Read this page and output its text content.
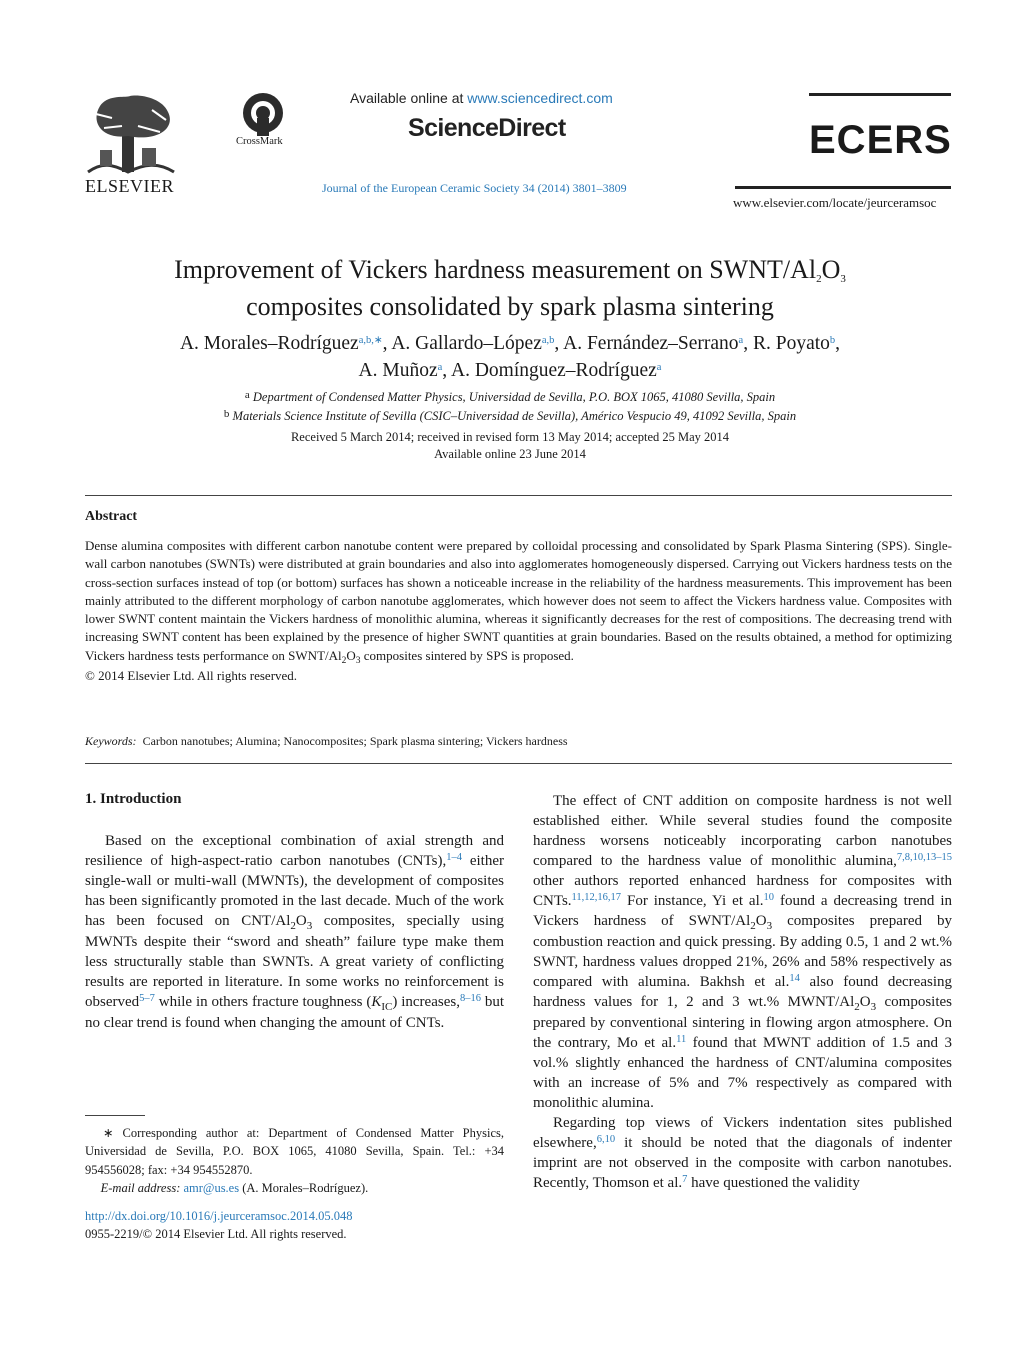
ELSEVIER
CrossMark
Available online at www.sciencedirect.com
ScienceDirect
Journal of the European Ceramic Society 34 (2014) 3801–3809
ECERS
www.elsevier.com/locate/jeurceramsoc
Improvement of Vickers hardness measurement on SWNT/Al2O3
composites consolidated by spark plasma sintering
A. Morales–Rodríguez$^{a,b,∗}$, A. Gallardo–López$^{a,b}$, A. Fernández–Serrano$^a$, R. Poyato$^b$,
A. Muñoz$^a$, A. Domínguez–Rodríguez$^a$
a Department of Condensed Matter Physics, Universidad de Sevilla, P.O. BOX 1065, 41080 Sevilla, Spain
b Materials Science Institute of Sevilla (CSIC–Universidad de Sevilla), Américo Vespucio 49, 41092 Sevilla, Spain
Received 5 March 2014; received in revised form 13 May 2014; accepted 25 May 2014
Available online 23 June 2014
Abstract
Dense alumina composites with different carbon nanotube content were prepared by colloidal processing and consolidated by Spark Plasma Sintering (SPS). Single-wall carbon nanotubes (SWNTs) were distributed at grain boundaries and also into agglomerates homogeneously dispersed. Carrying out Vickers hardness tests on the cross-section surfaces instead of top (or bottom) surfaces has shown a noticeable increase in the reliability of the hardness measurements. This improvement has been mainly attributed to the different morphology of carbon nanotube agglomerates, which however does not seem to affect the Vickers hardness value. Composites with lower SWNT content maintain the Vickers hardness of monolithic alumina, whereas it significantly decreases for the rest of compositions. The decreasing trend with increasing SWNT content has been explained by the presence of higher SWNT quantities at grain boundaries. Based on the results obtained, a method for optimizing Vickers hardness tests performance on SWNT/$Al_2O_3$ composites sintered by SPS is proposed.
© 2014 Elsevier Ltd. All rights reserved.
Keywords: Carbon nanotubes; Alumina; Nanocomposites; Spark plasma sintering; Vickers hardness
1. Introduction

Based on the exceptional combination of axial strength and resilience of high-aspect-ratio carbon nanotubes (CNTs),$^{1-4}$ either single-wall or multi-wall (MWNTs), the development of composites has been significantly promoted in the last decade. Much of the work has been focused on CNT/$Al_2O_3$ composites, specially using MWNTs despite their “sword and sheath” failure type make them less structurally stable than SWNTs. A great variety of conflicting results are reported in literature. In some works no reinforcement is observed$^{5-7}$ while in others fracture toughness $(K_{IC})$ increases,$^{8-16}$ but no clear trend is found when changing the amount of CNTs.

The effect of CNT addition on composite hardness is not well established either. While several studies found the composite hardness worsens noticeably incorporating carbon nanotubes compared to the hardness value of monolithic alumina,$^{7,8,10,13-15}$ other authors reported enhanced hardness for composites with CNTs.$^{11,12,16,17}$ For instance, Yi et al.$^{10}$ found a decreasing trend in Vickers hardness of SWNT/$Al_2O_3$ composites prepared by combustion reaction and quick pressing. By adding 0.5, 1 and 2 wt.% SWNT, hardness values dropped 21%, 26% and 58% respectively as compared with alumina. Bakhsh et al.$^{14}$ also found decreasing hardness values for 1, 2 and 3 wt.% MWNT/$Al_2O_3$ composites prepared by conventional sintering in flowing argon atmosphere. On the contrary, Mo et al.$^{11}$ found that MWNT addition of 1.5 and 3 vol.% slightly enhanced the hardness of CNT/alumina composites with an increase of 5% and 7% respectively as compared with monolithic alumina.

Regarding top views of Vickers indentation sites published elsewhere,$^{6,10}$ it should be noted that the diagonals of indenter imprint are not observed in the composite with carbon nanotubes. Recently, Thomson et al.$^7$ have questioned the validity

∗ Corresponding author at: Department of Condensed Matter Physics, Universidad de Sevilla, P.O. BOX 1065, 41080 Sevilla, Spain. Tel.: +34 954556028; fax: +34 954552870.
E-mail address: amr@us.es (A. Morales–Rodríguez).
http://dx.doi.org/10.1016/j.jeurceramsoc.2014.05.048
0955-2219/© 2014 Elsevier Ltd. All rights reserved.
